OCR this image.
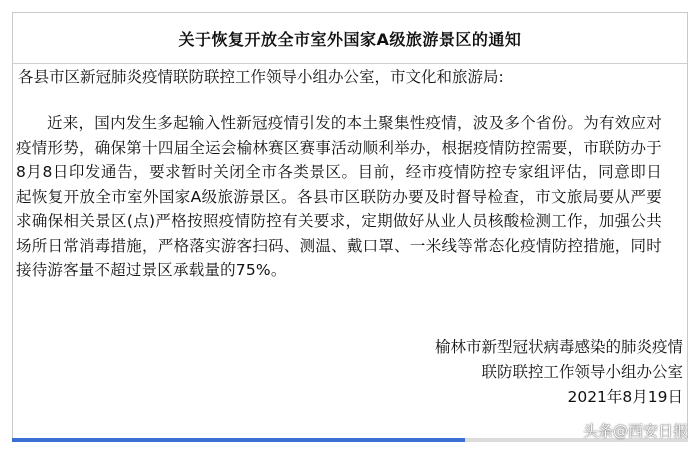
关于恢复开放全市室外国家A级旅游景区的通知
各县市区新冠肺炎疫情联防联控工作领导小组办公室，市文化和旅游局:
近来，国内发生多起输入性新冠疫情引发的本土聚集性疫情，波及多个省份。为有效应对疫情形势，确保第十四届全运会榆林赛区赛事活动顺利举办，根据疫情防控需要，市联防办于8月8日印发通告，要求暂时关闭全市各类景区。目前，经市疫情防控专家组评估，同意即日起恢复开放全市室外国家A级旅游景区。各县市区联防办要及时督导检查，市文旅局要从严要求确保相关景区(点)严格按照疫情防控有关要求，定期做好从业人员核酸检测工作，加强公共场所日常消毒措施，严格落实游客扫码、测温、戴口罩、一米线等常态化疫情防控措施，同时接待游客量不超过景区承载量的75%。
榆林市新型冠状病毒感染的肺炎疫情
联防联控工作领导小组办公室
2021年8月19日
头条@西安日报
